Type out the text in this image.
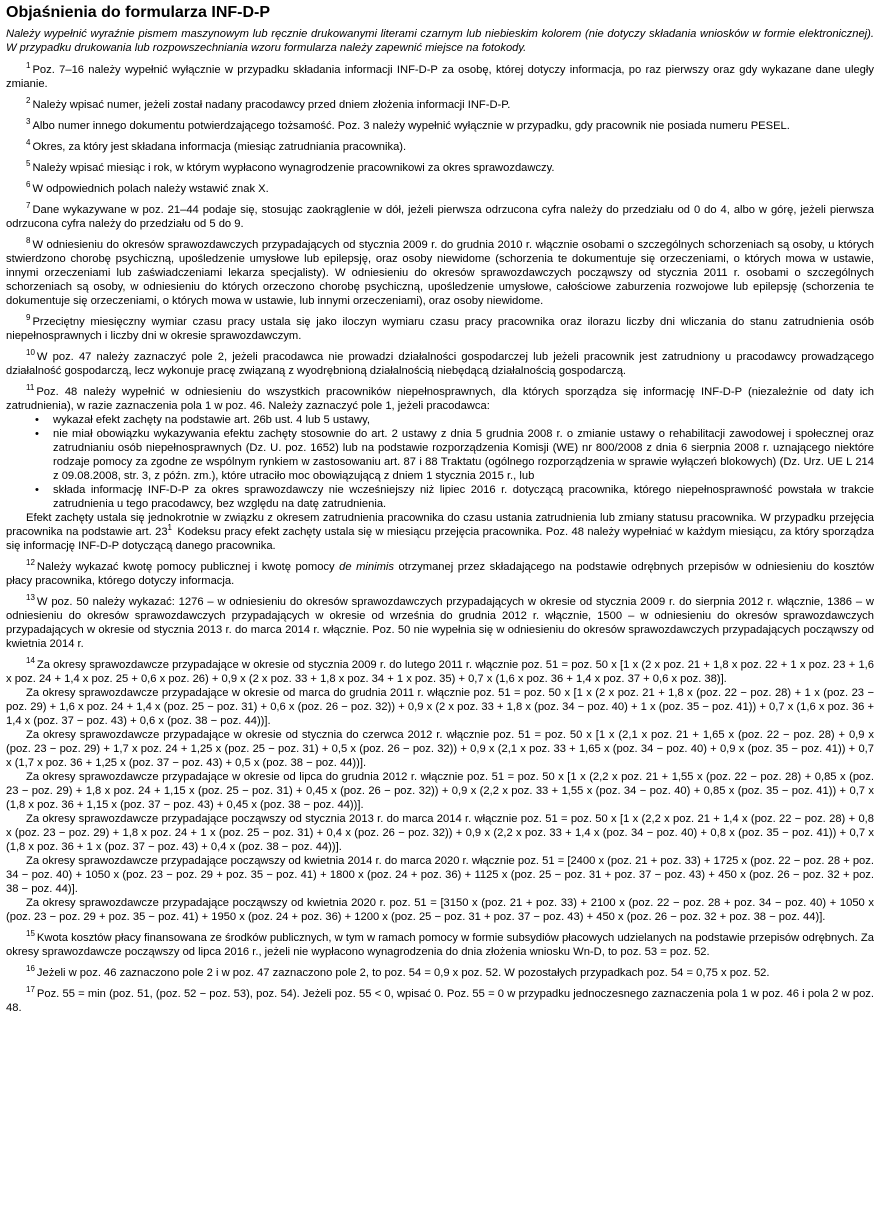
Objaśnienia do formularza INF-D-P
Należy wypełnić wyraźnie pismem maszynowym lub ręcznie drukowanymi literami czarnym lub niebieskim kolorem (nie dotyczy składania wniosków w formie elektronicznej). W przypadku drukowania lub rozpowszechniania wzoru formularza należy zapewnić miejsce na fotokody.

$^1$ Poz. 7–16 należy wypełnić wyłącznie w przypadku składania informacji INF-D-P za osobę, której dotyczy informacja, po raz pierwszy oraz gdy wykazane dane uległy zmianie.

$^2$ Należy wpisać numer, jeżeli został nadany pracodawcy przed dniem złożenia informacji INF-D-P.

$^3$ Albo numer innego dokumentu potwierdzającego tożsamość. Poz. 3 należy wypełnić wyłącznie w przypadku, gdy pracownik nie posiada numeru PESEL.

$^4$ Okres, za który jest składana informacja (miesiąc zatrudniania pracownika).

$^5$ Należy wpisać miesiąc i rok, w którym wypłacono wynagrodzenie pracownikowi za okres sprawozdawczy.

$^6$ W odpowiednich polach należy wstawić znak X.

$^7$ Dane wykazywane w poz. 21–44 podaje się, stosując zaokrąglenie w dół, jeżeli pierwsza odrzucona cyfra należy do przedziału od 0 do 4, albo w górę, jeżeli pierwsza odrzucona cyfra należy do przedziału od 5 do 9.

$^8$ W odniesieniu do okresów sprawozdawczych przypadających od stycznia 2009 r. do grudnia 2010 r. włącznie osobami o szczególnych schorzeniach są osoby, u których stwierdzono chorobę psychiczną, upośledzenie umysłowe lub epilepsję, oraz osoby niewidome (schorzenia te dokumentuje się orzeczeniami, o których mowa w ustawie, innymi orzeczeniami lub zaświadczeniami lekarza specjalisty). W odniesieniu do okresów sprawozdawczych począwszy od stycznia 2011 r. osobami o szczególnych schorzeniach są osoby, w odniesieniu do których orzeczono chorobę psychiczną, upośledzenie umysłowe, całościowe zaburzenia rozwojowe lub epilepsję (schorzenia te dokumentuje się orzeczeniami, o których mowa w ustawie, lub innymi orzeczeniami), oraz osoby niewidome.

$^9$ Przeciętny miesięczny wymiar czasu pracy ustala się jako iloczyn wymiaru czasu pracy pracownika oraz ilorazu liczby dni wliczania do stanu zatrudnienia osób niepełnosprawnych i liczby dni w okresie sprawozdawczym.

$^{10}$ W poz. 47 należy zaznaczyć pole 2, jeżeli pracodawca nie prowadzi działalności gospodarczej lub jeżeli pracownik jest zatrudniony u pracodawcy prowadzącego działalność gospodarczą, lecz wykonuje pracę związaną z wyodrębnioną działalnością niebędącą działalnością gospodarczą.

$^{11}$ Poz. 48 należy wypełnić w odniesieniu do wszystkich pracowników niepełnosprawnych, dla których sporządza się informację INF-D-P (niezależnie od daty ich zatrudnienia), w razie zaznaczenia pola 1 w poz. 46. Należy zaznaczyć pole 1, jeżeli pracodawca:

• wykazał efekt zachęty na podstawie art. 26b ust. 4 lub 5 ustawy,
• nie miał obowiązku wykazywania efektu zachęty stosownie do art. 2 ustawy z dnia 5 grudnia 2008 r. o zmianie ustawy o rehabilitacji zawodowej i społecznej oraz zatrudnianiu osób niepełnosprawnych (Dz. U. poz. 1652) lub na podstawie rozporządzenia Komisji (WE) nr 800/2008 z dnia 6 sierpnia 2008 r. uznającego niektóre rodzaje pomocy za zgodne ze wspólnym rynkiem w zastosowaniu art. 87 i 88 Traktatu (ogólnego rozporządzenia w sprawie wyłączeń blokowych) (Dz. Urz. UE L 214 z 09.08.2008, str. 3, z późn. zm.), które utraciło moc obowiązującą z dniem 1 stycznia 2015 r., lub
• składa informację INF-D-P za okres sprawozdawczy nie wcześniejszy niż lipiec 2016 r. dotyczącą pracownika, którego niepełnosprawność powstała w trakcie zatrudnienia u tego pracodawcy, bez względu na datę zatrudnienia.

Efekt zachęty ustala się jednokrotnie w związku z okresem zatrudnienia pracownika do czasu ustania zatrudnienia lub zmiany statusu pracownika. W przypadku przejęcia pracownika na podstawie art. $23^1$ Kodeksu pracy efekt zachęty ustala się w miesiącu przejęcia pracownika. Poz. 48 należy wypełniać w każdym miesiącu, za który sporządza się informację INF-D-P dotyczącą danego pracownika.

$^{12}$ Należy wykazać kwotę pomocy publicznej i kwotę pomocy de minimis otrzymanej przez składającego na podstawie odrębnych przepisów w odniesieniu do kosztów płacy pracownika, którego dotyczy informacja.

$^{13}$ W poz. 50 należy wykazać: 1276 – w odniesieniu do okresów sprawozdawczych przypadających w okresie od stycznia 2009 r. do sierpnia 2012 r. włącznie, 1386 – w odniesieniu do okresów sprawozdawczych przypadających w okresie od września do grudnia 2012 r. włącznie, 1500 – w odniesieniu do okresów sprawozdawczych przypadających w okresie od stycznia 2013 r. do marca 2014 r. włącznie. Poz. 50 nie wypełnia się w odniesieniu do okresów sprawozdawczych przypadających począwszy od kwietnia 2014 r.

$^{14}$ Za okresy sprawozdawcze przypadające w okresie od stycznia 2009 r. do lutego 2011 r. włącznie poz. 51 = poz. 50 x [1 x (2 x poz. 21 + 1,8 x poz. 22 + 1 x poz. 23 + 1,6 x poz. 24 + 1,4 x poz. 25 + 0,6 x poz. 26) + 0,9 x (2 x poz. 33 + 1,8 x poz. 34 + 1 x poz. 35) + 0,7 x (1,6 x poz. 36 + 1,4 x poz. 37 + 0,6 x poz. 38)].

Za okresy sprawozdawcze przypadające w okresie od marca do grudnia 2011 r. włącznie poz. 51 = poz. 50 x [1 x (2 x poz. 21 + 1,8 x (poz. 22 − poz. 28) + 1 x (poz. 23 − poz. 29) + 1,6 x poz. 24 + 1,4 x (poz. 25 − poz. 31) + 0,6 x (poz. 26 − poz. 32)) + 0,9 x (2 x poz. 33 + 1,8 x (poz. 34 − poz. 40) + 1 x (poz. 35 − poz. 41)) + 0,7 x (1,6 x poz. 36 + 1,4 x (poz. 37 − poz. 43) + 0,6 x (poz. 38 − poz. 44))].

Za okresy sprawozdawcze przypadające w okresie od stycznia do czerwca 2012 r. włącznie poz. 51 = poz. 50 x [1 x (2,1 x poz. 21 + 1,65 x (poz. 22 − poz. 28) + 0,9 x (poz. 23 − poz. 29) + 1,7 x poz. 24 + 1,25 x (poz. 25 − poz. 31) + 0,5 x (poz. 26 − poz. 32)) + 0,9 x (2,1 x poz. 33 + 1,65 x (poz. 34 − poz. 40) + 0,9 x (poz. 35 − poz. 41)) + 0,7 x (1,7 x poz. 36 + 1,25 x (poz. 37 − poz. 43) + 0,5 x (poz. 38 − poz. 44))].

Za okresy sprawozdawcze przypadające w okresie od lipca do grudnia 2012 r. włącznie poz. 51 = poz. 50 x [1 x (2,2 x poz. 21 + 1,55 x (poz. 22 − poz. 28) + 0,85 x (poz. 23 − poz. 29) + 1,8 x poz. 24 + 1,15 x (poz. 25 − poz. 31) + 0,45 x (poz. 26 − poz. 32)) + 0,9 x (2,2 x poz. 33 + 1,55 x (poz. 34 − poz. 40) + 0,85 x (poz. 35 − poz. 41)) + 0,7 x (1,8 x poz. 36 + 1,15 x (poz. 37 − poz. 43) + 0,45 x (poz. 38 − poz. 44))].

Za okresy sprawozdawcze przypadające począwszy od stycznia 2013 r. do marca 2014 r. włącznie poz. 51 = poz. 50 x [1 x (2,2 x poz. 21 + 1,4 x (poz. 22 − poz. 28) + 0,8 x (poz. 23 − poz. 29) + 1,8 x poz. 24 + 1 x (poz. 25 − poz. 31) + 0,4 x (poz. 26 − poz. 32)) + 0,9 x (2,2 x poz. 33 + 1,4 x (poz. 34 − poz. 40) + 0,8 x (poz. 35 − poz. 41)) + 0,7 x (1,8 x poz. 36 + 1 x (poz. 37 − poz. 43) + 0,4 x (poz. 38 − poz. 44))].

Za okresy sprawozdawcze przypadające począwszy od kwietnia 2014 r. do marca 2020 r. włącznie poz. 51 = [2400 x (poz. 21 + poz. 33) + 1725 x (poz. 22 − poz. 28 + poz. 34 − poz. 40) + 1050 x (poz. 23 − poz. 29 + poz. 35 − poz. 41) + 1800 x (poz. 24 + poz. 36) + 1125 x (poz. 25 − poz. 31 + poz. 37 − poz. 43) + 450 x (poz. 26 − poz. 32 + poz. 38 − poz. 44)].

Za okresy sprawozdawcze przypadające począwszy od kwietnia 2020 r. poz. 51 = [3150 x (poz. 21 + poz. 33) + 2100 x (poz. 22 − poz. 28 + poz. 34 − poz. 40) + 1050 x (poz. 23 − poz. 29 + poz. 35 − poz. 41) + 1950 x (poz. 24 + poz. 36) + 1200 x (poz. 25 − poz. 31 + poz. 37 − poz. 43) + 450 x (poz. 26 − poz. 32 + poz. 38 − poz. 44)].

$^{15}$ Kwota kosztów płacy finansowana ze środków publicznych, w tym w ramach pomocy w formie subsydiów płacowych udzielanych na podstawie przepisów odrębnych. Za okresy sprawozdawcze począwszy od lipca 2016 r., jeżeli nie wypłacono wynagrodzenia do dnia złożenia wniosku Wn-D, to poz. 53 = poz. 52.

$^{16}$ Jeżeli w poz. 46 zaznaczono pole 2 i w poz. 47 zaznaczono pole 2, to poz. 54 = 0,9 x poz. 52. W pozostałych przypadkach poz. 54 = 0,75 x poz. 52.

$^{17}$ Poz. 55 = min (poz. 51, (poz. 52 − poz. 53), poz. 54). Jeżeli poz. 55 < 0, wpisać 0. Poz. 55 = 0 w przypadku jednoczesnego zaznaczenia pola 1 w poz. 46 i pola 2 w poz. 48.
